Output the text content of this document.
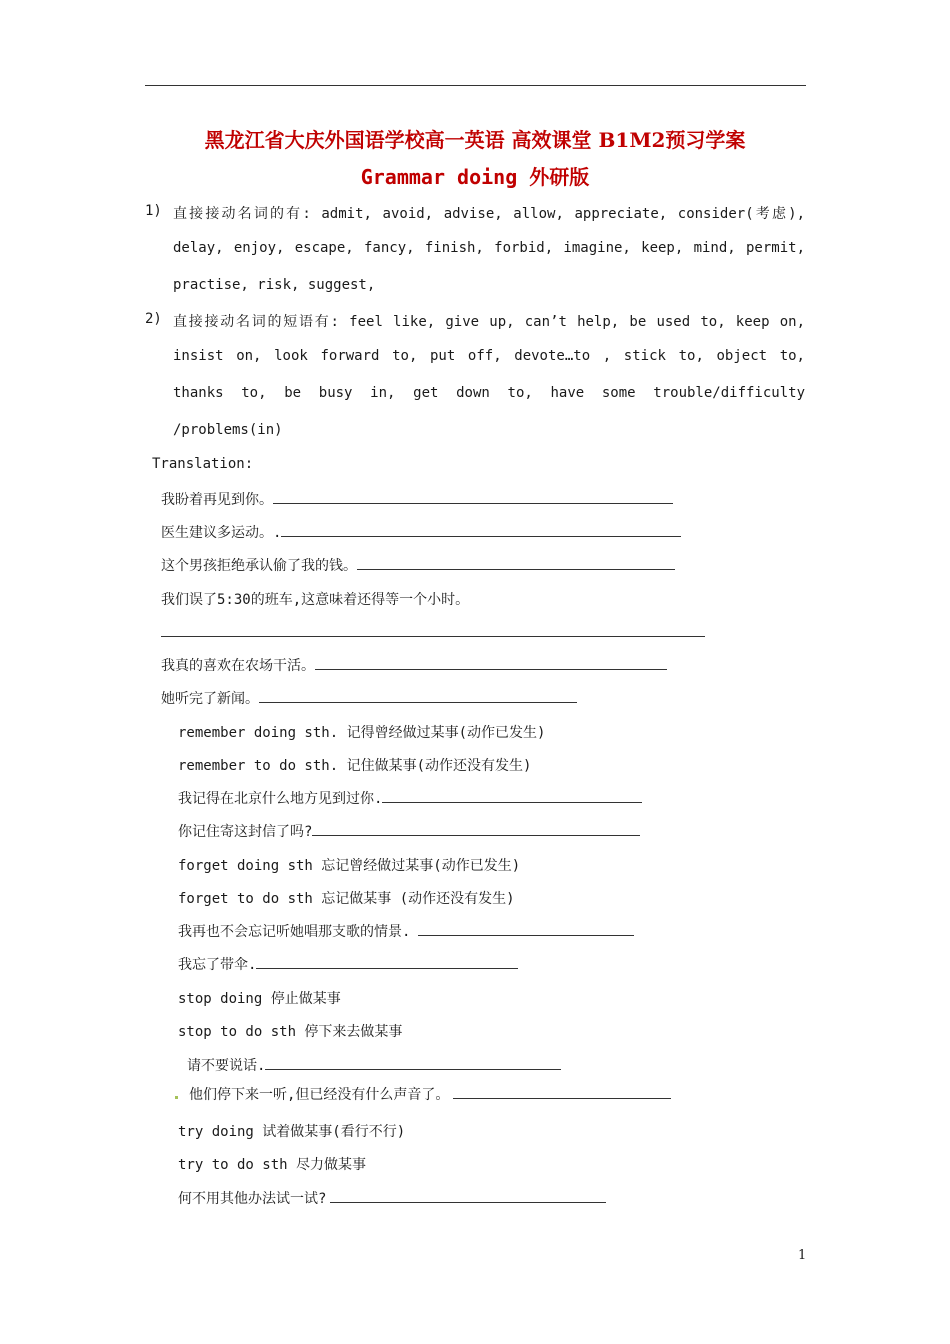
黑龙江省大庆外国语学校高一英语 高效课堂 B1M2预习学案
Grammar doing 外研版
1) 直接接动名词的有: admit, avoid, advise, allow, appreciate, consider(考虑),
delay, enjoy, escape, fancy, finish, forbid, imagine, keep, mind, permit,
practise, risk, suggest,
2) 直接接动名词的短语有: feel like, give up, can’t help, be used to, keep on,
insist on, look forward to, put off, devote…to , stick to, object to,
thanks to, be busy in, get down to, have some trouble/difficulty
/problems(in)
Translation:
我盼着再见到你。
医生建议多运动。.
这个男孩拒绝承认偷了我的钱。
我们误了5:30的班车,这意味着还得等一个小时。
我真的喜欢在农场干活。
她听完了新闻。
remember doing sth. 记得曾经做过某事(动作已发生)
remember to do sth. 记住做某事(动作还没有发生)
我记得在北京什么地方见到过你.
你记住寄这封信了吗?
forget doing sth 忘记曾经做过某事(动作已发生)
forget to do sth 忘记做某事 (动作还没有发生)
我再也不会忘记听她唱那支歌的情景.
我忘了带伞.
stop doing 停止做某事
stop to do sth 停下来去做某事
请不要说话.
他们停下来一听,但已经没有什么声音了。
try doing 试着做某事(看行不行)
try to do sth 尽力做某事
何不用其他办法试一试?
1
